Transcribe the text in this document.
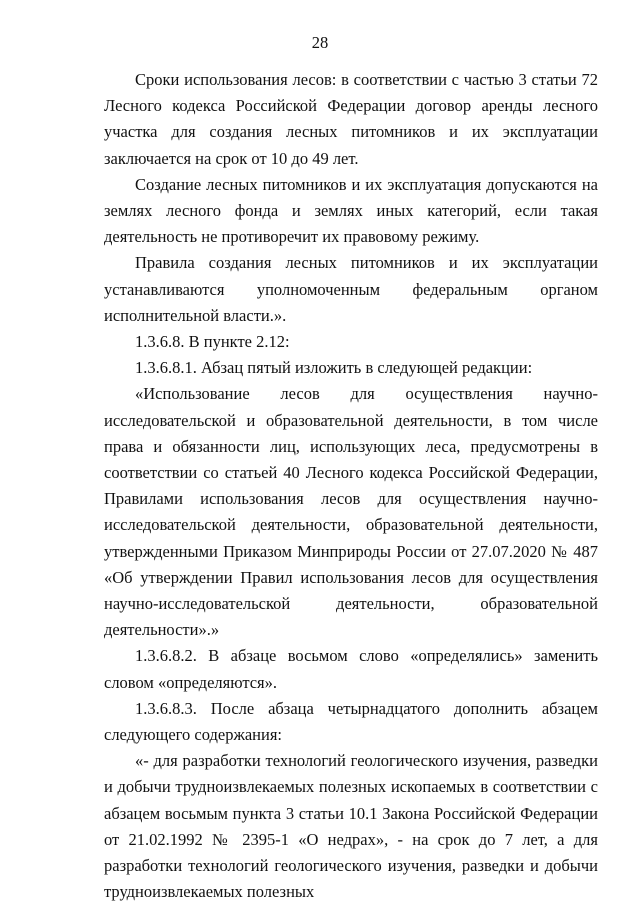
28

Сроки использования лесов: в соответствии с частью 3 статьи 72 Лесного кодекса Российской Федерации договор аренды лесного участка для создания лесных питомников и их эксплуатации заключается на срок от 10 до 49 лет.

Создание лесных питомников и их эксплуатация допускаются на землях лесного фонда и землях иных категорий, если такая деятельность не противоречит их правовому режиму.

Правила создания лесных питомников и их эксплуатации устанавливаются уполномоченным федеральным органом исполнительной власти.».

1.3.6.8. В пункте 2.12:

1.3.6.8.1. Абзац пятый изложить в следующей редакции:

«Использование лесов для осуществления научно-исследовательской и образовательной деятельности, в том числе права и обязанности лиц, использующих леса, предусмотрены в соответствии со статьей 40 Лесного кодекса Российской Федерации, Правилами использования лесов для осуществления научно-исследовательской деятельности, образовательной деятельности, утвержденными Приказом Минприроды России от 27.07.2020 № 487 «Об утверждении Правил использования лесов для осуществления научно-исследовательской деятельности, образовательной деятельности».»

1.3.6.8.2. В абзаце восьмом слово «определялись» заменить словом «определяются».

1.3.6.8.3. После абзаца четырнадцатого дополнить абзацем следующего содержания:

«- для разработки технологий геологического изучения, разведки и добычи трудноизвлекаемых полезных ископаемых в соответствии с абзацем восьмым пункта 3 статьи 10.1 Закона Российской Федерации от 21.02.1992 № 2395-1 «О недрах», - на срок до 7 лет, а для разработки технологий геологического изучения, разведки и добычи трудноизвлекаемых полезных
